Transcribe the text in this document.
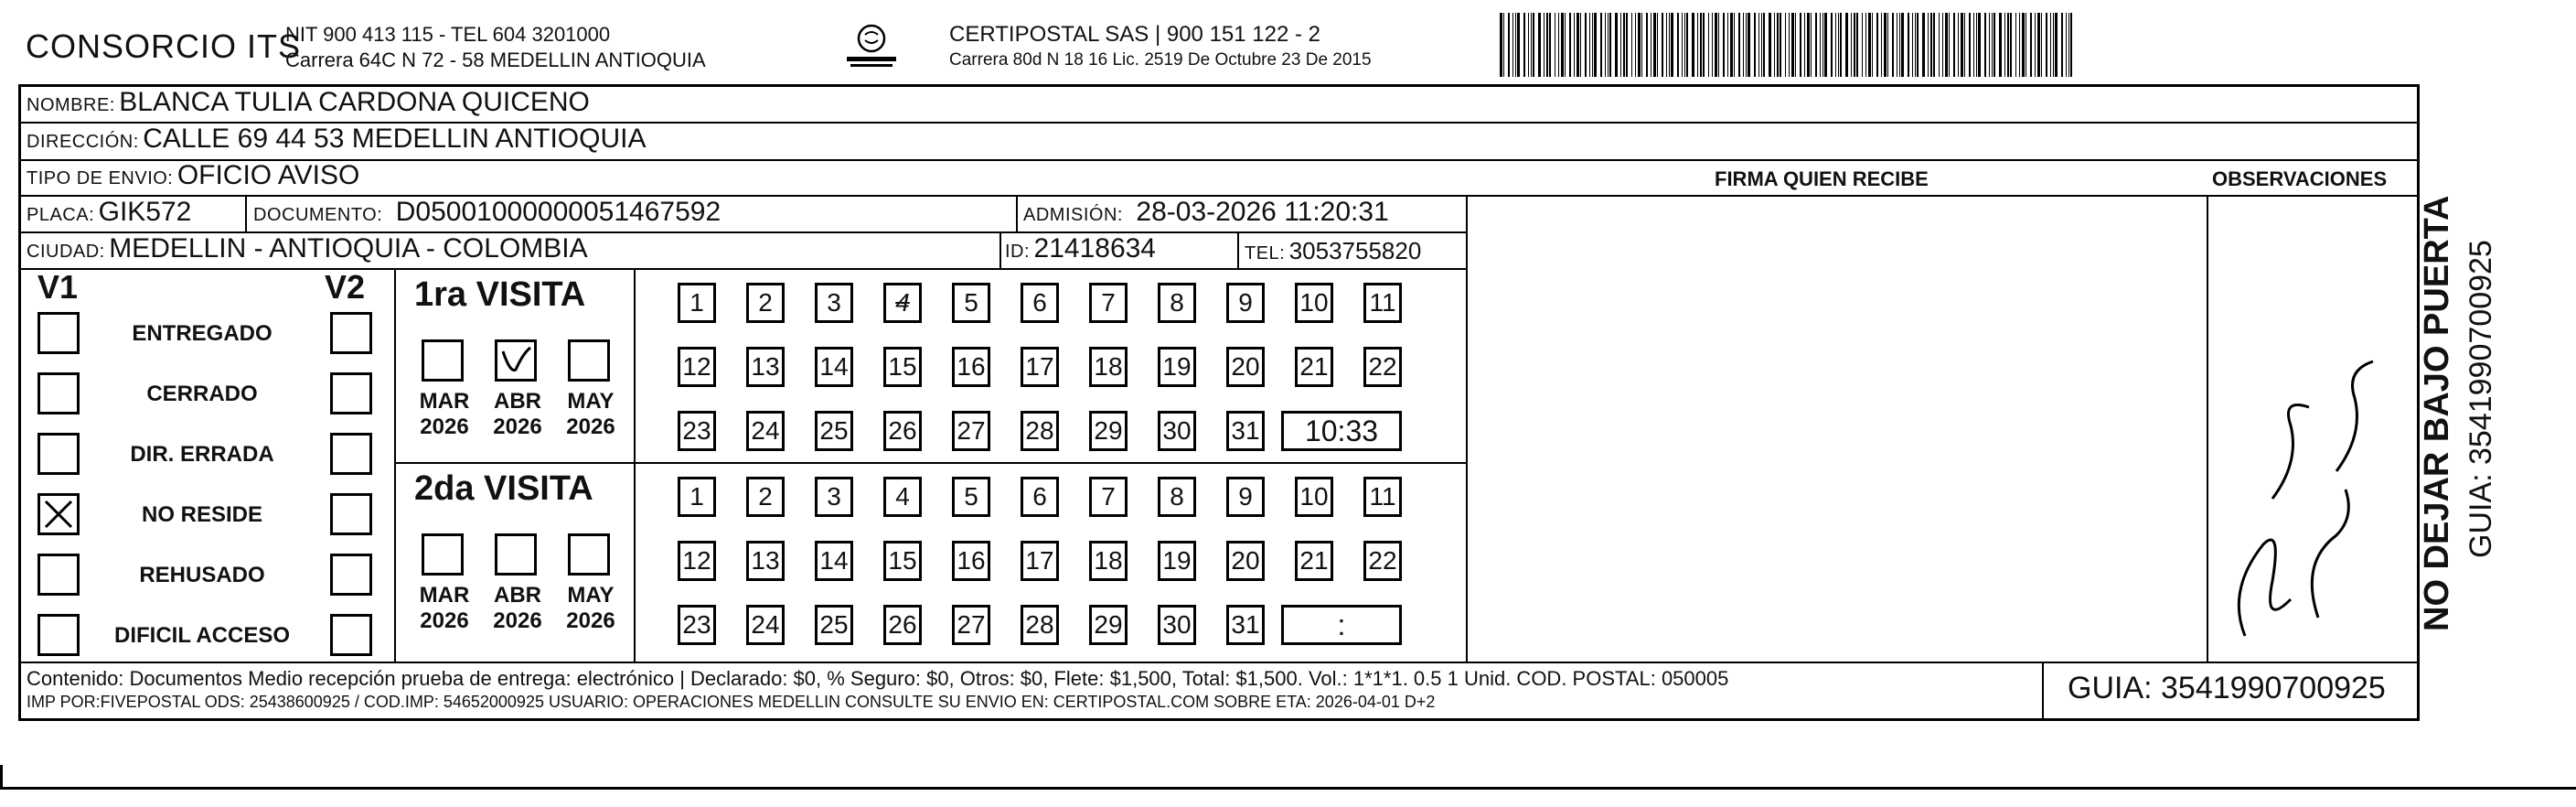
CONSORCIO ITS
NIT 900 413 115 - TEL 604 3201000
Carrera 64C N 72 - 58 MEDELLIN ANTIOQUIA
CERTIPOSTAL SAS | 900 151 122 - 2
Carrera 80d N 18 16 Lic. 2519 De Octubre 23 De 2015
NOMBRE: BLANCA TULIA CARDONA QUICENO
DIRECCIÓN: CALLE 69 44 53 MEDELLIN ANTIOQUIA
TIPO DE ENVIO: OFICIO AVISO	FIRMA QUIEN RECIBE	OBSERVACIONES
PLACA: GIK572	DOCUMENTO: D05001000000051467592	ADMISIÓN: 28-03-2026 11:20:31
CIUDAD: MEDELLIN - ANTIOQUIA - COLOMBIA	ID: 21418634	TEL: 3053755820
V1	V2
ENTREGADO
CERRADO
DIR. ERRADA
NO RESIDE
REHUSADO
DIFICIL ACCESO
1ra VISITA
MAR
2026
ABR
2026
MAY
2026
1	2	3	4	5	6	7	8	9	10 11
12 13 14 15 16 17 18 19 20 21 22
23 24 25 26 27 28 29 30 31	10:33
2da VISITA
MAR
2026
ABR
2026
MAY
2026
1	2	3	4	5	6	7	8	9	10 11
12 13 14 15 16 17 18 19 20 21 22
23 24 25 26 27 28 29 30 31	:
Contenido: Documentos Medio recepción prueba de entrega: electrónico | Declarado: $0, % Seguro: $0, Otros: $0, Flete: $1,500, Total: $1,500. Vol.: 1*1*1. 0.5 1 Unid. COD. POSTAL: 050005
IMP POR:FIVEPOSTAL ODS: 25438600925 / COD.IMP: 54652000925 USUARIO: OPERACIONES MEDELLIN CONSULTE SU ENVIO EN: CERTIPOSTAL.COM SOBRE ETA: 2026-04-01 D+2	GUIA: 3541990700925
NO DEJAR BAJO PUERTA GUIA: 3541990700925
